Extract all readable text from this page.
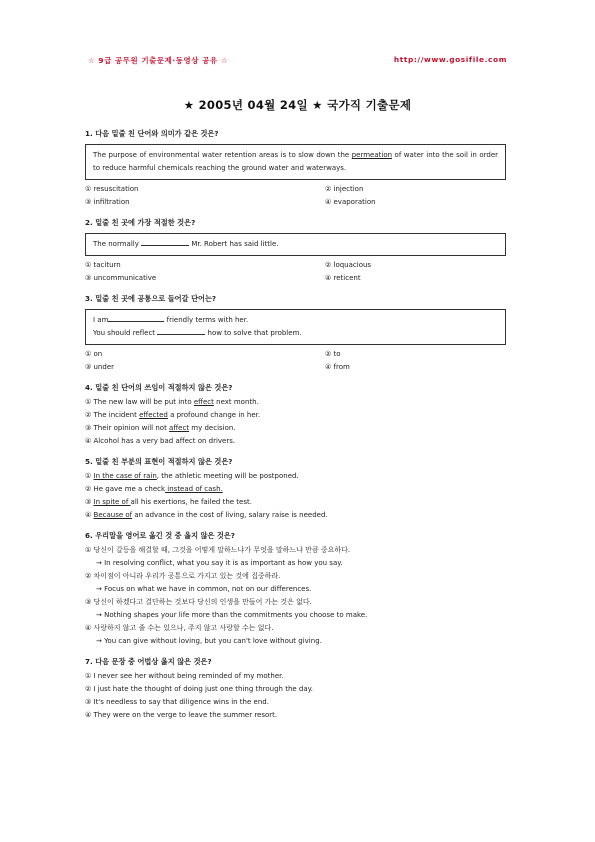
☆ 9급 공무원 기출문제·동영상 공유 ☆	http://www.gosifile.com
★ 2005년 04월 24일 ★ 국가직 기출문제
1. 다음 밑줄 친 단어와 의미가 같은 것은?
The purpose of environmental water retention areas is to slow down the permeation of water into the soil in order to reduce harmful chemicals reaching the ground water and waterways.
① resuscitation	② injection
③ infiltration	④ evaporation
2. 밑줄 친 곳에 가장 적절한 것은?
The normally	Mr. Robert has said little.
① taciturn	② loquacious
③ uncommunicative	④ reticent
3. 밑줄 친 곳에 공통으로 들어갈 단어는?
I am	friendly terms with her.
You should reflect	how to solve that problem.
① on	② to
③ under	④ from
4. 밑줄 친 단어의 쓰임이 적절하지 않은 것은?
① The new law will be put into effect next month.
② The incident effected a profound change in her.
③ Their opinion will not affect my decision.
④ Alcohol has a very bad affect on drivers.
5. 밑줄 친 부분의 표현이 적절하지 않은 것은?
① In the case of rain, the athletic meeting will be postponed.
② He gave me a check instead of cash.
③ In spite of all his exertions, he failed the test.
④ Because of an advance in the cost of living, salary raise is needed.
6. 우리말을 영어로 옮긴 것 중 옳지 않은 것은?
① 당신이 갈등을 해결할 때, 그것을 어떻게 말하느냐가 무엇을 말하느냐 만큼 중요하다.
→ In resolving conflict, what you say it is as important as how you say.
② 차이점이 아니라 우리가 공통으로 가지고 있는 것에 집중하라.
→ Focus on what we have in common, not on our differences.
③ 당신이 하겠다고 결단하는 것보다 당신의 인생을 만들어 가는 것은 없다.
→ Nothing shapes your life more than the commitments you choose to make.
④ 사랑하지 않고 줄 수는 있으나, 주지 않고 사랑할 수는 없다.
→ You can give without loving, but you can't love without giving.
7. 다음 문장 중 어법상 옳지 않은 것은?
① I never see her without being reminded of my mother.
② I just hate the thought of doing just one thing through the day.
③ It's needless to say that diligence wins in the end.
④ They were on the verge to leave the summer resort.
